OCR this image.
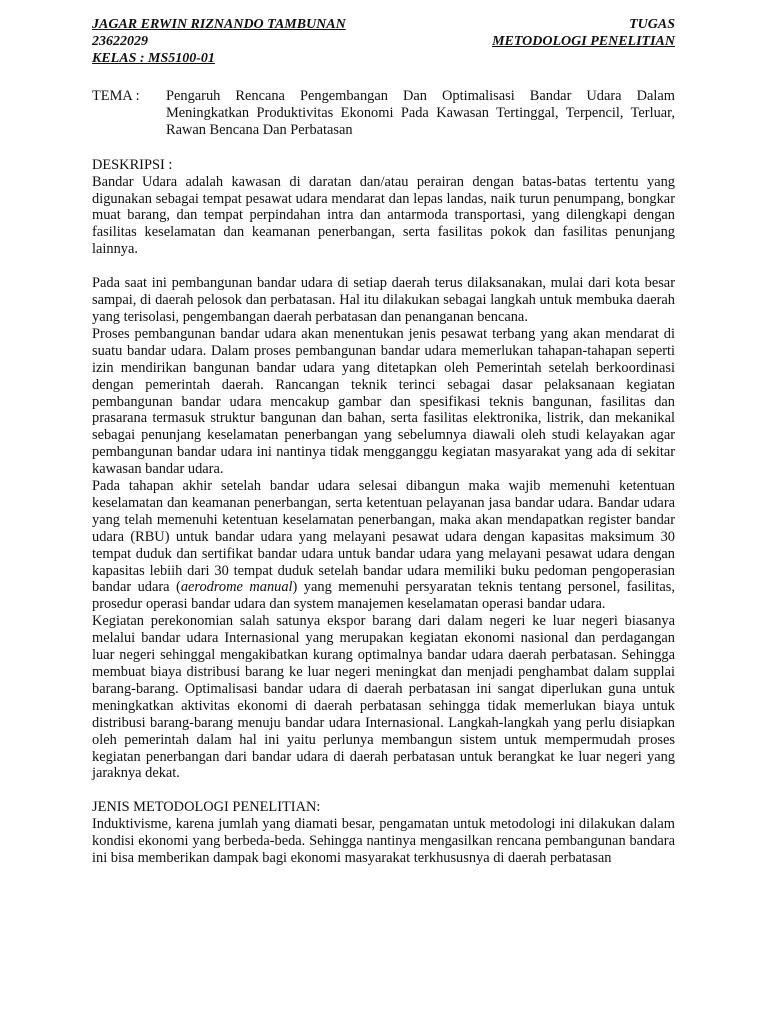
JAGAR ERWIN RIZNANDO TAMBUNAN
23622029
KELAS : MS5100-01
TUGAS
METODOLOGI PENELITIAN
TEMA :	Pengaruh Rencana Pengembangan Dan Optimalisasi Bandar Udara Dalam Meningkatkan Produktivitas Ekonomi Pada Kawasan Tertinggal, Terpencil, Terluar, Rawan Bencana Dan Perbatasan

DESKRIPSI :

Bandar Udara adalah kawasan di daratan dan/atau perairan dengan batas-batas tertentu yang digunakan sebagai tempat pesawat udara mendarat dan lepas landas, naik turun penumpang, bongkar muat barang, dan tempat perpindahan intra dan antarmoda transportasi, yang dilengkapi dengan fasilitas keselamatan dan keamanan penerbangan, serta fasilitas pokok dan fasilitas penunjang lainnya.

Pada saat ini pembangunan bandar udara di setiap daerah terus dilaksanakan, mulai dari kota besar sampai, di daerah pelosok dan perbatasan. Hal itu dilakukan sebagai langkah untuk membuka daerah yang terisolasi, pengembangan daerah perbatasan dan penanganan bencana.

Proses pembangunan bandar udara akan menentukan jenis pesawat terbang yang akan mendarat di suatu bandar udara. Dalam proses pembangunan bandar udara memerlukan tahapan-tahapan seperti izin mendirikan bangunan bandar udara yang ditetapkan oleh Pemerintah setelah berkoordinasi dengan pemerintah daerah. Rancangan teknik terinci sebagai dasar pelaksanaan kegiatan pembangunan bandar udara mencakup gambar dan spesifikasi teknis bangunan, fasilitas dan prasarana termasuk struktur bangunan dan bahan, serta fasilitas elektronika, listrik, dan mekanikal sebagai penunjang keselamatan penerbangan yang sebelumnya diawali oleh studi kelayakan agar pembangunan bandar udara ini nantinya tidak mengganggu kegiatan masyarakat yang ada di sekitar kawasan bandar udara.

Pada tahapan akhir setelah bandar udara selesai dibangun maka wajib memenuhi ketentuan keselamatan dan keamanan penerbangan, serta ketentuan pelayanan jasa bandar udara. Bandar udara yang telah memenuhi ketentuan keselamatan penerbangan, maka akan mendapatkan register bandar udara (RBU) untuk bandar udara yang melayani pesawat udara dengan kapasitas maksimum 30 tempat duduk dan sertifikat bandar udara untuk bandar udara yang melayani pesawat udara dengan kapasitas lebiih dari 30 tempat duduk setelah bandar udara memiliki buku pedoman pengoperasian bandar udara (aerodrome manual) yang memenuhi persyaratan teknis tentang personel, fasilitas, prosedur operasi bandar udara dan system manajemen keselamatan operasi bandar udara.

Kegiatan perekonomian salah satunya ekspor barang dari dalam negeri ke luar negeri biasanya melalui bandar udara Internasional yang merupakan kegiatan ekonomi nasional dan perdagangan luar negeri sehinggal mengakibatkan kurang optimalnya bandar udara daerah perbatasan. Sehingga membuat biaya distribusi barang ke luar negeri meningkat dan menjadi penghambat dalam supplai barang-barang. Optimalisasi bandar udara di daerah perbatasan ini sangat diperlukan guna untuk meningkatkan aktivitas ekonomi di daerah perbatasan sehingga tidak memerlukan biaya untuk distribusi barang-barang menuju bandar udara Internasional. Langkah-langkah yang perlu disiapkan oleh pemerintah dalam hal ini yaitu perlunya membangun sistem untuk mempermudah proses kegiatan penerbangan dari bandar udara di daerah perbatasan untuk berangkat ke luar negeri yang jaraknya dekat.

JENIS METODOLOGI PENELITIAN:

Induktivisme, karena jumlah yang diamati besar, pengamatan untuk metodologi ini dilakukan dalam kondisi ekonomi yang berbeda-beda. Sehingga nantinya mengasilkan rencana pembangunan bandara ini bisa memberikan dampak bagi ekonomi masyarakat terkhususnya di daerah perbatasan
